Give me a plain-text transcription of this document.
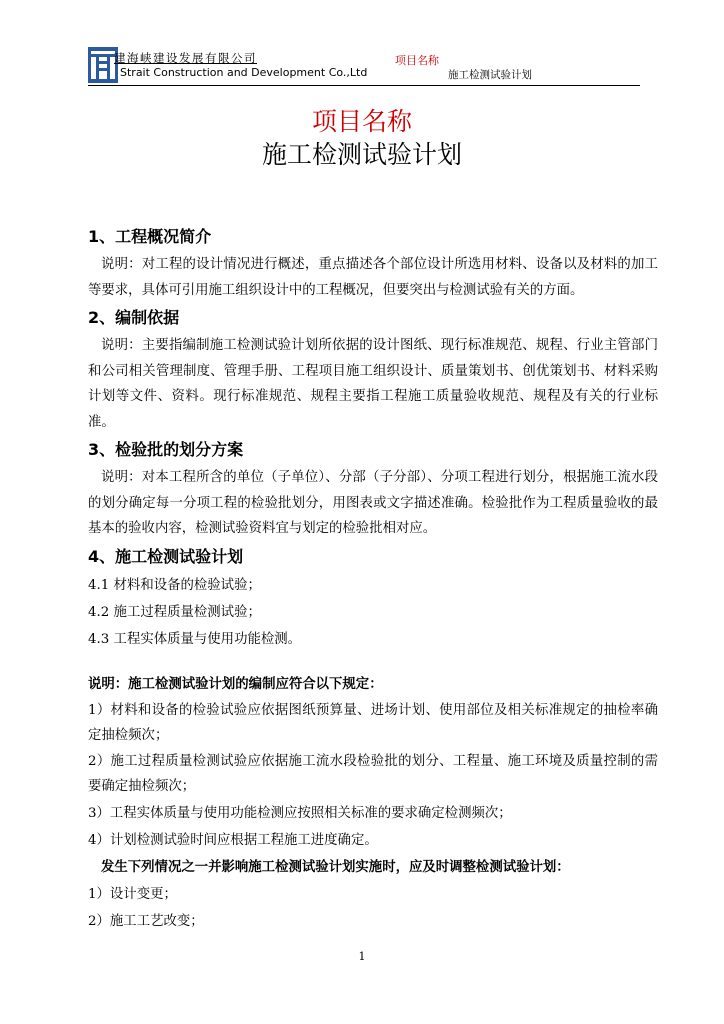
建海峡建设发展有限公司
Strait Construction and Development Co.,Ltd
项目名称
施工检测试验计划
项目名称
施工检测试验计划

1、工程概况简介

说明：对工程的设计情况进行概述，重点描述各个部位设计所选用材料、设备以及材料的加工等要求，具体可引用施工组织设计中的工程概况，但要突出与检测试验有关的方面。

2、编制依据

说明：主要指编制施工检测试验计划所依据的设计图纸、现行标准规范、规程、行业主管部门和公司相关管理制度、管理手册、工程项目施工组织设计、质量策划书、创优策划书、材料采购计划等文件、资料。现行标准规范、规程主要指工程施工质量验收规范、规程及有关的行业标准。

3、检验批的划分方案

说明：对本工程所含的单位（子单位）、分部（子分部）、分项工程进行划分，根据施工流水段的划分确定每一分项工程的检验批划分，用图表或文字描述准确。检验批作为工程质量验收的最基本的验收内容，检测试验资料宜与划定的检验批相对应。

4、施工检测试验计划

4.1 材料和设备的检验试验；

4.2 施工过程质量检测试验；

4.3 工程实体质量与使用功能检测。

说明：施工检测试验计划的编制应符合以下规定：

1）材料和设备的检验试验应依据图纸预算量、进场计划、使用部位及相关标准规定的抽检率确定抽检频次；

2）施工过程质量检测试验应依据施工流水段检验批的划分、工程量、施工环境及质量控制的需要确定抽检频次；

3）工程实体质量与使用功能检测应按照相关标准的要求确定检测频次；

4）计划检测试验时间应根据工程施工进度确定。

发生下列情况之一并影响施工检测试验计划实施时，应及时调整检测试验计划：

1）设计变更；

2）施工工艺改变；

1
